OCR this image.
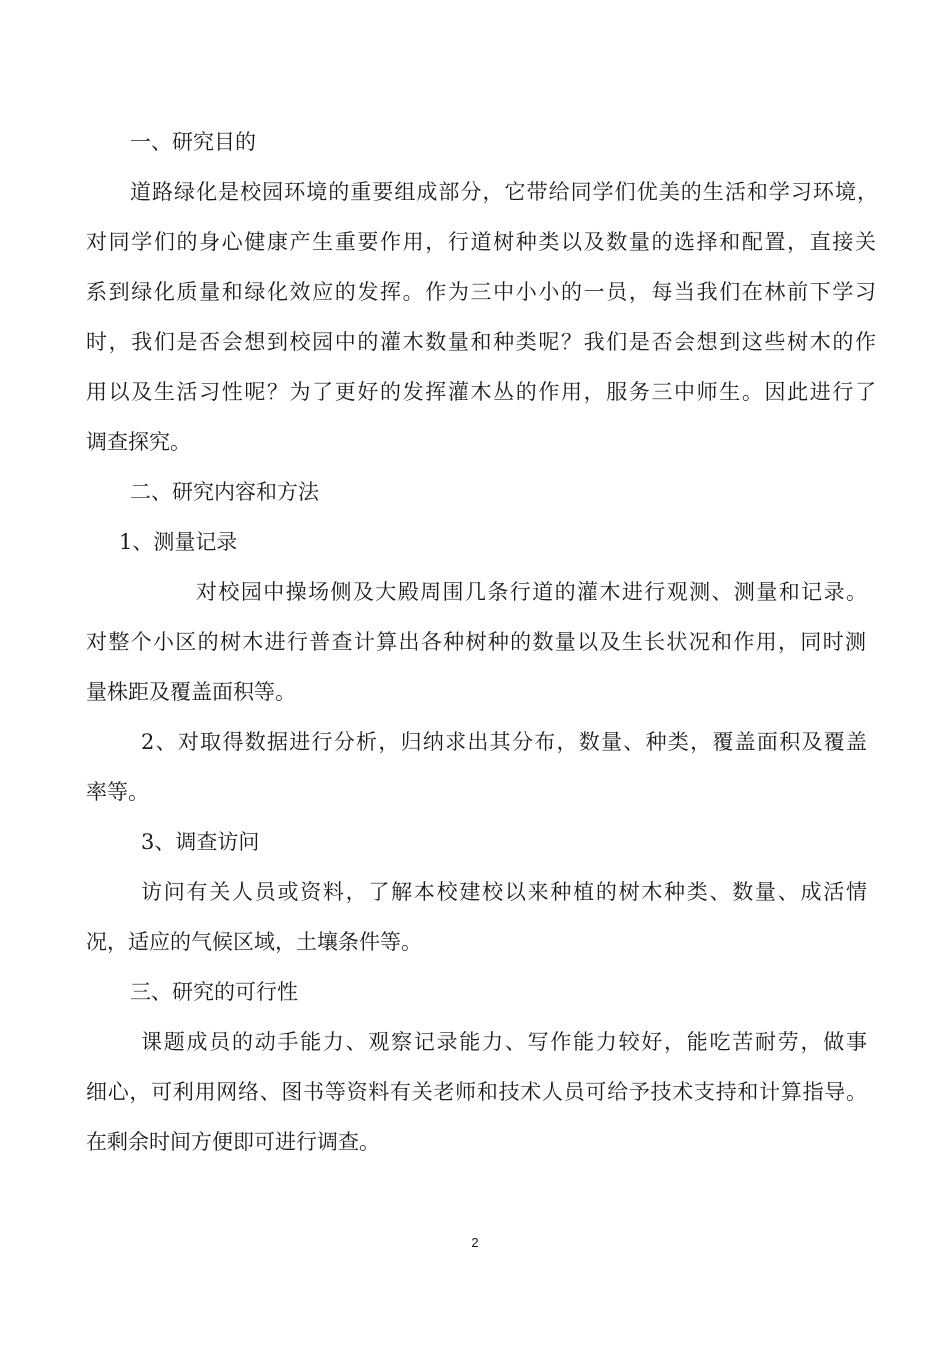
一、研究目的
道路绿化是校园环境的重要组成部分，它带给同学们优美的生活和学习环境，
对同学们的身心健康产生重要作用，行道树种类以及数量的选择和配置，直接关
系到绿化质量和绿化效应的发挥。作为三中小小的一员，每当我们在林前下学习
时，我们是否会想到校园中的灌木数量和种类呢？我们是否会想到这些树木的作
用以及生活习性呢？为了更好的发挥灌木丛的作用，服务三中师生。因此进行了
调查探究。
二、研究内容和方法
1、测量记录
对校园中操场侧及大殿周围几条行道的灌木进行观测、测量和记录。
对整个小区的树木进行普查计算出各种树种的数量以及生长状况和作用，同时测
量株距及覆盖面积等。
2、对取得数据进行分析，归纳求出其分布，数量、种类，覆盖面积及覆盖
率等。
3、调查访问
访问有关人员或资料，了解本校建校以来种植的树木种类、数量、成活情
况，适应的气候区域，土壤条件等。
三、研究的可行性
课题成员的动手能力、观察记录能力、写作能力较好，能吃苦耐劳，做事
细心，可利用网络、图书等资料有关老师和技术人员可给予技术支持和计算指导。
在剩余时间方便即可进行调查。
2
